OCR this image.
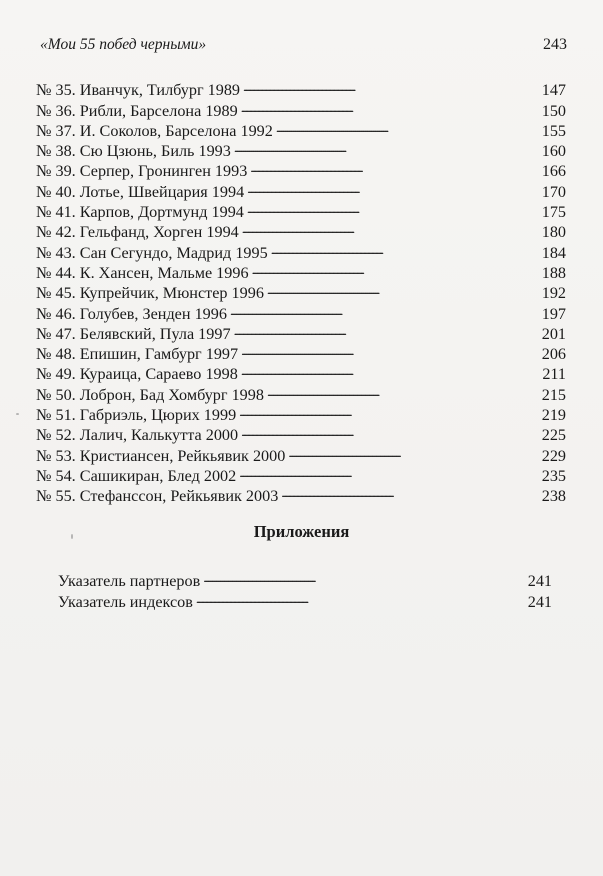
«Мои 55 побед черными»	243
№ 35. Иванчук, Тилбург 1989 . . .	147
№ 36. Рибли, Барселона 1989 . . .	150
№ 37. И. Соколов, Барселона 1992 . . .	155
№ 38. Сю Цзюнь, Биль 1993 . . .	160
№ 39. Серпер, Гронинген 1993 . . .	166
№ 40. Лотье, Швейцария 1994 . . .	170
№ 41. Карпов, Дортмунд 1994 . . .	175
№ 42. Гельфанд, Хорген 1994 . . .	180
№ 43. Сан Сегундо, Мадрид 1995 . . .	184
№ 44. К. Хансен, Мальме 1996 . . .	188
№ 45. Купрейчик, Мюнстер 1996 . . .	192
№ 46. Голубев, Зенден 1996 . . .	197
№ 47. Белявский, Пула 1997 . . .	201
№ 48. Епишин, Гамбург 1997 . . .	206
№ 49. Кураица, Сараево 1998 . . .	211
№ 50. Лоброн, Бад Хомбург 1998 . . .	215
№ 51. Габриэль, Цюрих 1999 . . .	219
№ 52. Лалич, Калькутта 2000 . . .	225
№ 53. Кристиансен, Рейкьявик 2000 . . .	229
№ 54. Сашикиран, Блед 2002 . . .	235
№ 55. Стефанссон, Рейкьявик 2003 . . .	238
Приложения
Указатель партнеров . . .	241
Указатель индексов . . .	241
